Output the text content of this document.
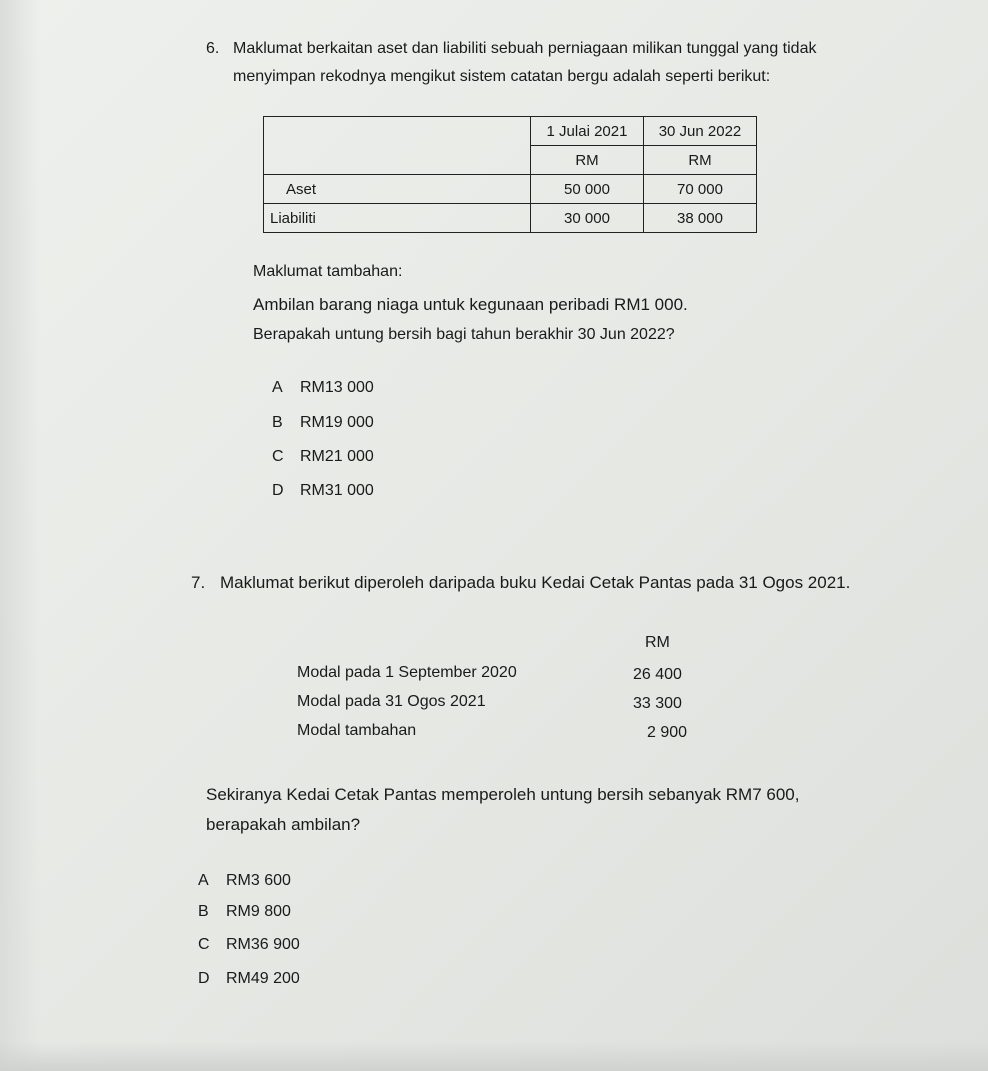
6. Maklumat berkaitan aset dan liabiliti sebuah perniagaan milikan tunggal yang tidak
menyimpan rekodnya mengikut sistem catatan bergu adalah seperti berikut:
	1 Julai 2021	30 Jun 2022
	RM	RM
Aset	50 000	70 000
Liabiliti	30 000	38 000
Maklumat tambahan:
Ambilan barang niaga untuk kegunaan peribadi RM1 000.
Berapakah untung bersih bagi tahun berakhir 30 Jun 2022?
A RM13 000
B RM19 000
C RM21 000
D RM31 000
7. Maklumat berikut diperoleh daripada buku Kedai Cetak Pantas pada 31 Ogos 2021.
RM
Modal pada 1 September 2020	26 400
Modal pada 31 Ogos 2021	33 300
Modal tambahan	2 900
Sekiranya Kedai Cetak Pantas memperoleh untung bersih sebanyak RM7 600,
berapakah ambilan?
A RM3 600
B RM9 800
C RM36 900
D RM49 200
